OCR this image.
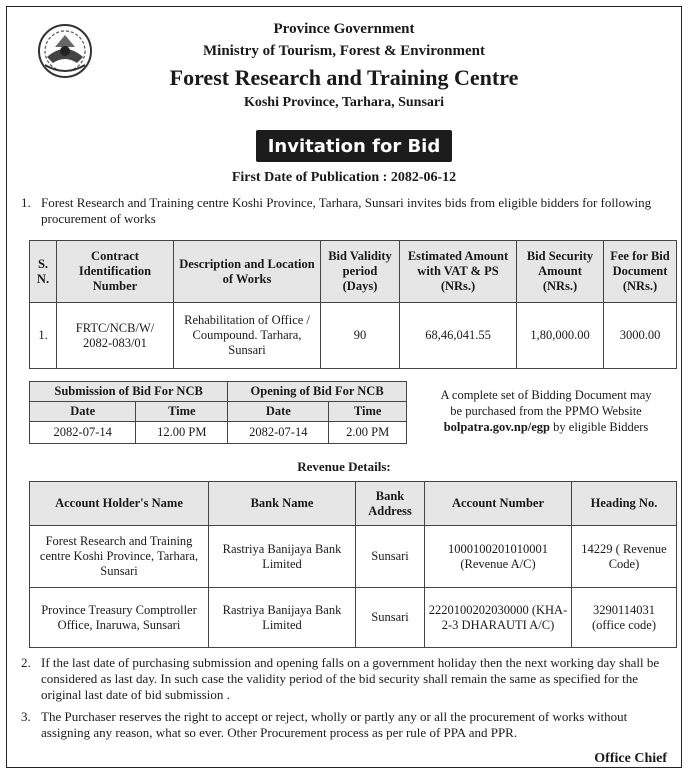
Province Government
Ministry of Tourism, Forest & Environment
Forest Research and Training Centre
Koshi Province, Tarhara, Sunsari
Invitation for Bid
First Date of Publication : 2082-06-12
1. Forest Research and Training centre Koshi Province, Tarhara, Sunsari invites bids from eligible bidders for following procurement of works
S. N.	Contract Identification Number	Description and Location of Works	Bid Validity period (Days)	Estimated Amount with VAT & PS (NRs.)	Bid Security Amount (NRs.)	Fee for Bid Document (NRs.)
1.	FRTC/NCB/W/ 2082-083/01	Rehabilitation of Office / Coumpound. Tarhara, Sunsari	90	68,46,041.55	1,80,000.00	3000.00
Submission of Bid For NCB		Opening of Bid For NCB	
Date	Time	Date	Time
2082-07-14	12.00 PM	2082-07-14	2.00 PM
A complete set of Bidding Document may
be purchased from the PPMO Website
bolpatra.gov.np/egp by eligible Bidders
Revenue Details:
Account Holder's Name	Bank Name	Bank Address	Account Number	Heading No.
Forest Research and Training centre Koshi Province, Tarhara, Sunsari	Rastriya Banijaya Bank Limited	Sunsari	1000100201010001 (Revenue A/C)	14229 ( Revenue Code)
Province Treasury Comptroller Office, Inaruwa, Sunsari	Rastriya Banijaya Bank Limited	Sunsari	2220100202030000 (KHA-2-3 DHARAUTI A/C)	3290114031 (office code)
2. If the last date of purchasing submission and opening falls on a government holiday then the next working day shall be considered as last day. In such case the validity period of the bid security shall remain the same as specified for the original last date of bid submission .
3. The Purchaser reserves the right to accept or reject, wholly or partly any or all the procurement of works without assigning any reason, what so ever. Other Procurement process as per rule of PPA and PPR.
Office Chief
